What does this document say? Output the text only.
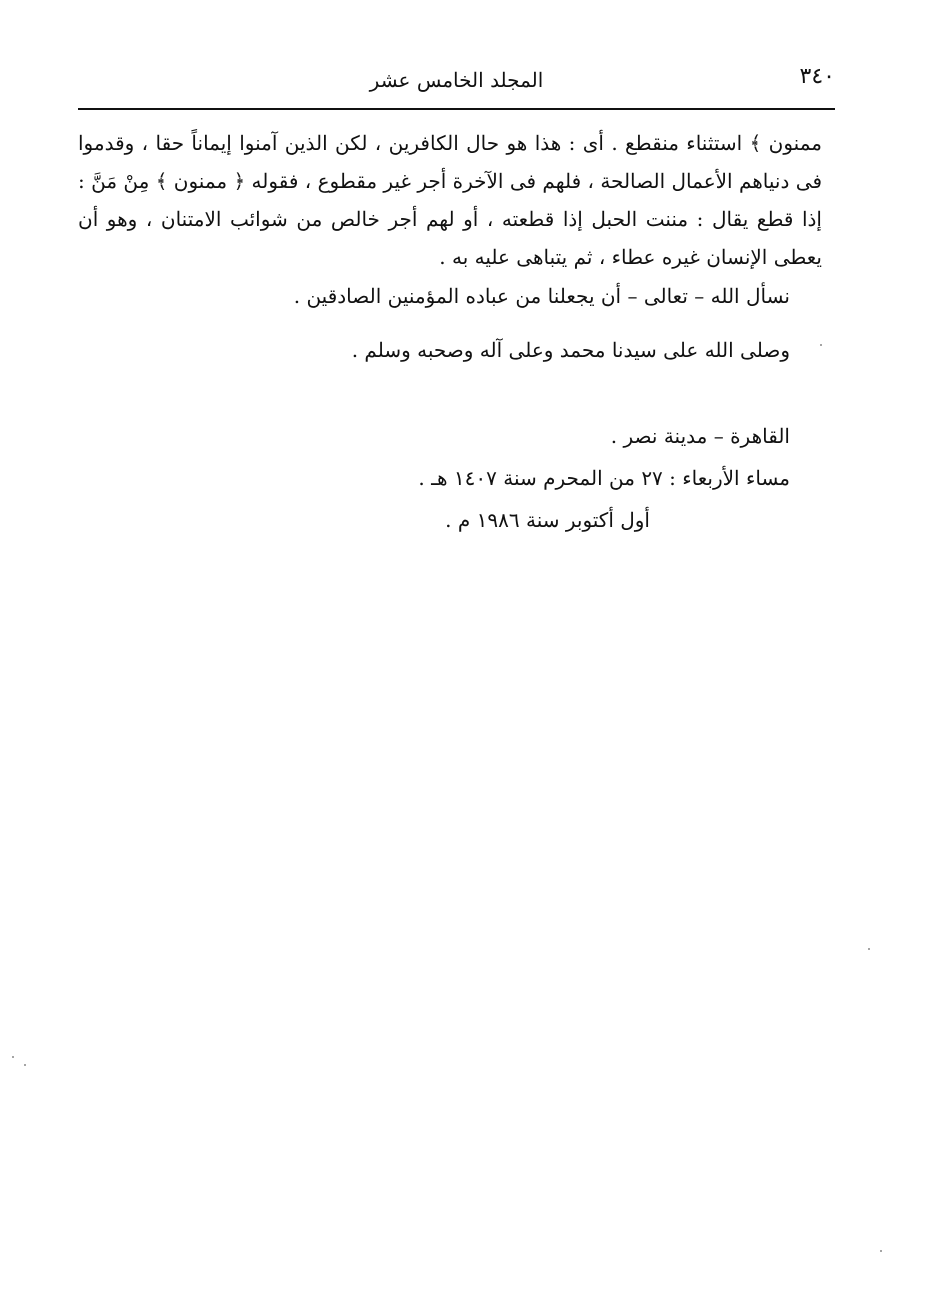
٣٤٠
المجلد الخامس عشر
ممنون ﴾ استثناء منقطع . أى : هذا هو حال الكافرين ، لكن الذين آمنوا إيماناً حقا ، وقدموا
فى دنياهم الأعمال الصالحة ، فلهم فى الآخرة أجر غير مقطوع ، فقوله ﴿ ممنون ﴾ مِنْ مَنَّ :
إذا قطع يقال : مننت الحبل إذا قطعته ، أو لهم أجر خالص من شوائب الامتنان ، وهو أن
يعطى الإنسان غيره عطاء ، ثم يتباهى عليه به .
نسأل الله – تعالى – أن يجعلنا من عباده المؤمنين الصادقين .
وصلى الله على سيدنا محمد وعلى آله وصحبه وسلم .
القاهرة – مدينة نصر .
مساء الأربعاء : ٢٧ من المحرم سنة ١٤٠٧ هـ .
أول أكتوبر سنة ١٩٨٦ م .
